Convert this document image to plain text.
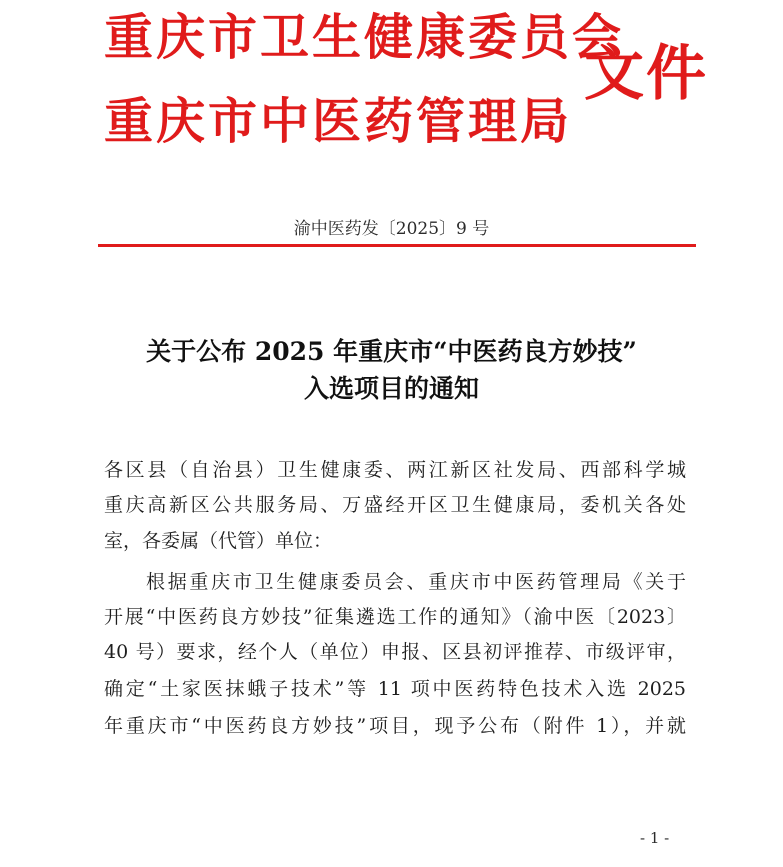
重庆市卫生健康委员会
重庆市中医药管理局
文件
渝中医药发〔2025〕9 号
关于公布 2025 年重庆市“中医药良方妙技”
入选项目的通知
各区县（自治县）卫生健康委、两江新区社发局、西部科学城
重庆高新区公共服务局、万盛经开区卫生健康局，委机关各处
室，各委属（代管）单位：
根据重庆市卫生健康委员会、重庆市中医药管理局《关于
开展“中医药良方妙技”征集遴选工作的通知》（渝中医〔2023〕
40 号）要求，经个人（单位）申报、区县初评推荐、市级评审，
确定“土家医抹蛾子技术”等 11 项中医药特色技术入选 2025
年重庆市“中医药良方妙技”项目，现予公布（附件 1），并就
- 1 -
